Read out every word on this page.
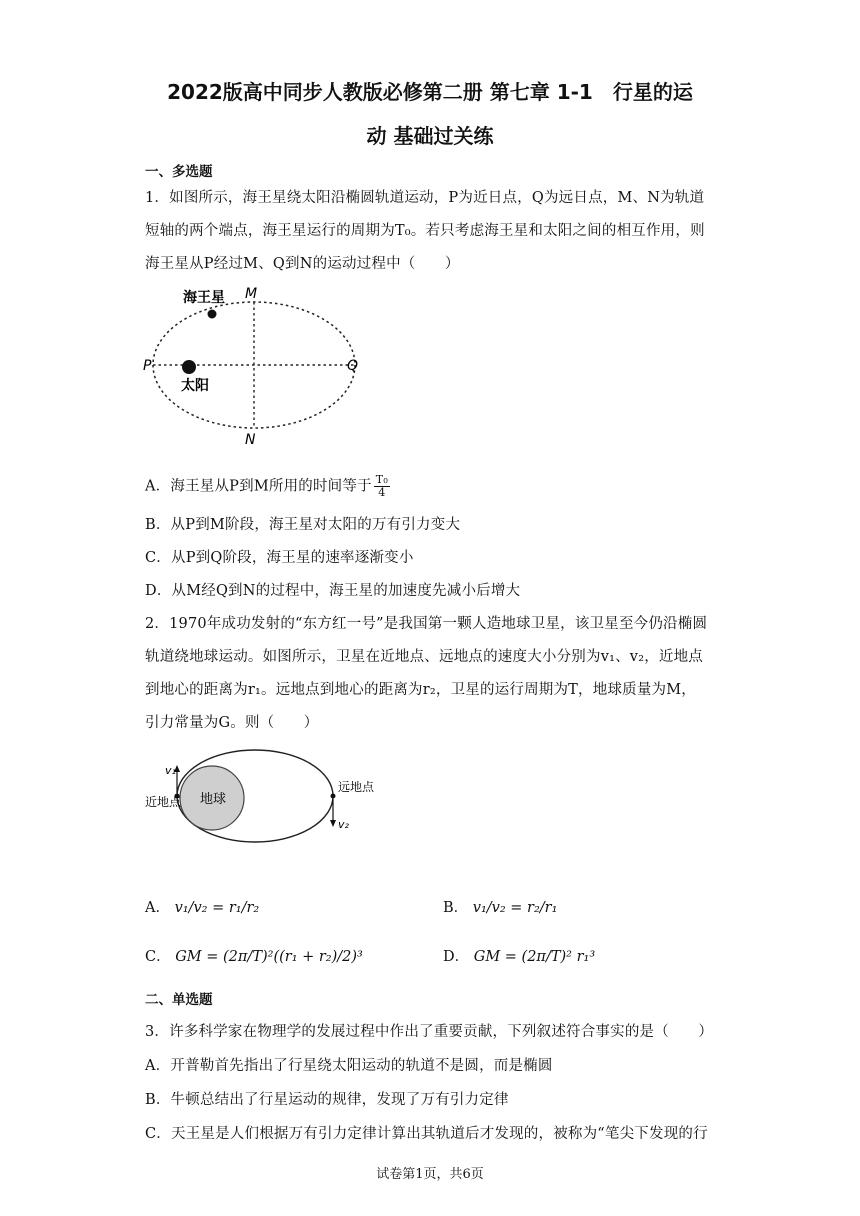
2022版高中同步人教版必修第二册 第七章 1-1　行星的运
动 基础过关练
一、多选题
1．如图所示，海王星绕太阳沿椭圆轨道运动，P为近日点，Q为远日点，M、N为轨道
短轴的两个端点，海王星运行的周期为T₀。若只考虑海王星和太阳之间的相互作用，则
海王星从P经过M、Q到N的运动过程中（　　）
海王星 M
P	Q
太阳
N
A．海王星从P到M所用的时间等于 $\frac{\text{T₀}}{4}$
B．从P到M阶段，海王星对太阳的万有引力变大
C．从P到Q阶段，海王星的速率逐渐变小
D．从M经Q到N的过程中，海王星的加速度先减小后增大
2．1970年成功发射的“东方红一号”是我国第一颗人造地球卫星，该卫星至今仍沿椭圆
轨道绕地球运动。如图所示，卫星在近地点、远地点的速度大小分别为v₁、v₂，近地点
到地心的距离为r₁。远地点到地心的距离为r₂，卫星的运行周期为T，地球质量为M，
引力常量为G。则（　　）
地球
v₁
v₂
近地点
远地点
A． v₁/v₂ = r₁/r₂	B． v₁/v₂ = r₂/r₁
C． GM = (2π/T)²((r₁ + r₂)/2)³	D． GM = (2π/T)² r₁³
二、单选题
3．许多科学家在物理学的发展过程中作出了重要贡献，下列叙述符合事实的是（　　）
A．开普勒首先指出了行星绕太阳运动的轨道不是圆，而是椭圆
B．牛顿总结出了行星运动的规律，发现了万有引力定律
C．天王星是人们根据万有引力定律计算出其轨道后才发现的，被称为“笔尖下发现的行
试卷第1页，共6页
